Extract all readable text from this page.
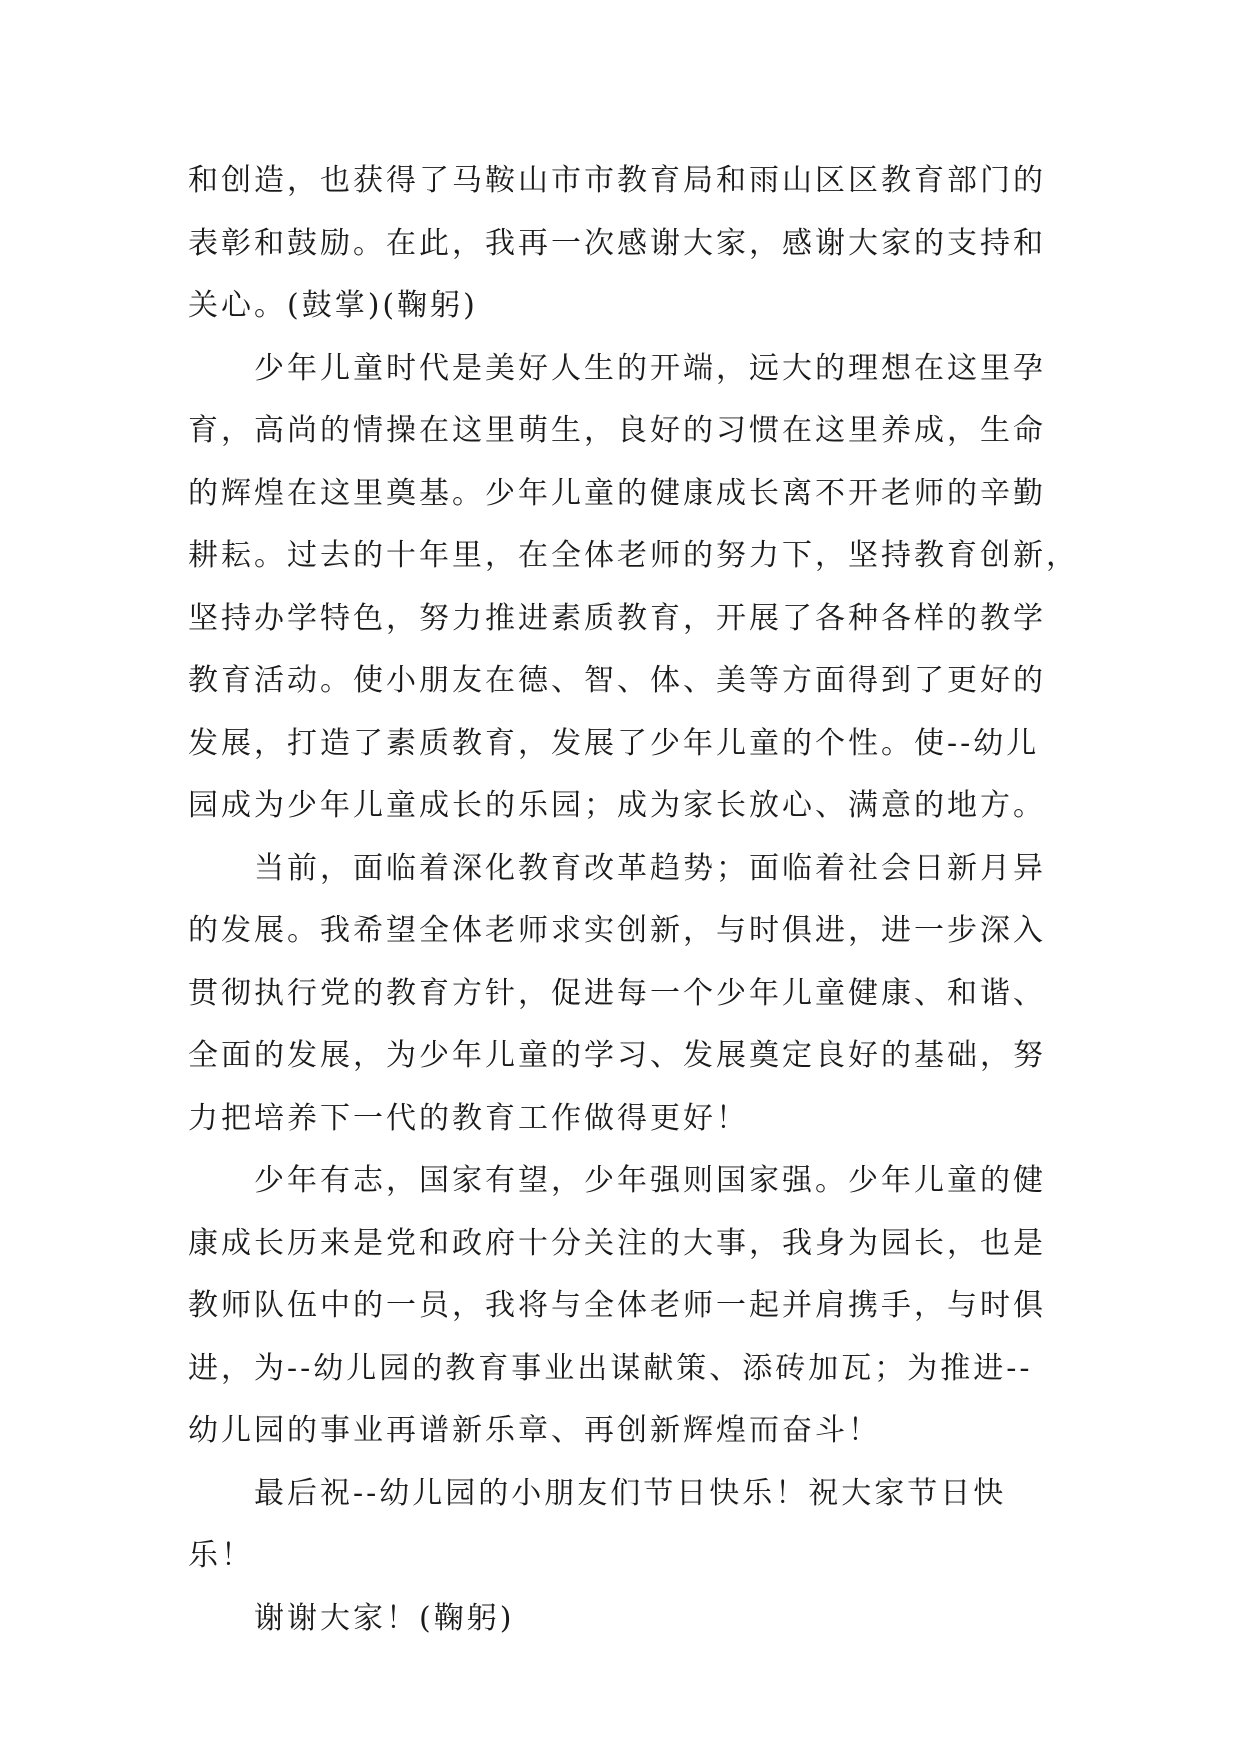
和创造，也获得了马鞍山市市教育局和雨山区区教育部门的
表彰和鼓励。在此，我再一次感谢大家，感谢大家的支持和
关心。(鼓掌)(鞠躬)
少年儿童时代是美好人生的开端，远大的理想在这里孕
育，高尚的情操在这里萌生，良好的习惯在这里养成，生命
的辉煌在这里奠基。少年儿童的健康成长离不开老师的辛勤
耕耘。过去的十年里，在全体老师的努力下，坚持教育创新，
坚持办学特色，努力推进素质教育，开展了各种各样的教学
教育活动。使小朋友在德、智、体、美等方面得到了更好的
发展，打造了素质教育，发展了少年儿童的个性。使--幼儿
园成为少年儿童成长的乐园；成为家长放心、满意的地方。
当前，面临着深化教育改革趋势；面临着社会日新月异
的发展。我希望全体老师求实创新，与时俱进，进一步深入
贯彻执行党的教育方针，促进每一个少年儿童健康、和谐、
全面的发展，为少年儿童的学习、发展奠定良好的基础，努
力把培养下一代的教育工作做得更好！
少年有志，国家有望，少年强则国家强。少年儿童的健
康成长历来是党和政府十分关注的大事，我身为园长，也是
教师队伍中的一员，我将与全体老师一起并肩携手，与时俱
进，为--幼儿园的教育事业出谋献策、添砖加瓦；为推进--
幼儿园的事业再谱新乐章、再创新辉煌而奋斗！
最后祝--幼儿园的小朋友们节日快乐！祝大家节日快
乐！
谢谢大家！(鞠躬)
